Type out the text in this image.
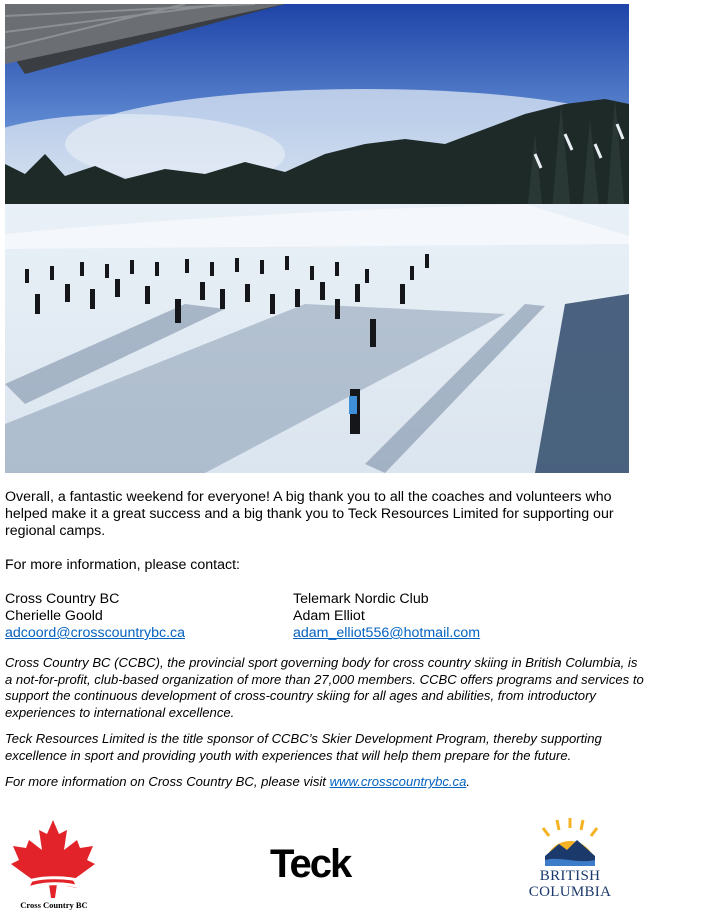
Overall, a fantastic weekend for everyone! A big thank you to all the coaches and volunteers who helped make it a great success and a big thank you to Teck Resources Limited for supporting our regional camps.
For more information, please contact:
Cross Country BC
Cherielle Goold
adcoord@crosscountrybc.ca
Telemark Nordic Club
Adam Elliot
adam_elliot556@hotmail.com
Cross Country BC (CCBC), the provincial sport governing body for cross country skiing in British Columbia, is a not-for-profit, club-based organization of more than 27,000 members. CCBC offers programs and services to support the continuous development of cross-country skiing for all ages and abilities, from introductory experiences to international excellence.
Teck Resources Limited is the title sponsor of CCBC’s Skier Development Program, thereby supporting excellence in sport and providing youth with experiences that will help them prepare for the future.
For more information on Cross Country BC, please visit www.crosscountrybc.ca.
Cross Country BC
Teck	BRITISH
COLUMBIA
